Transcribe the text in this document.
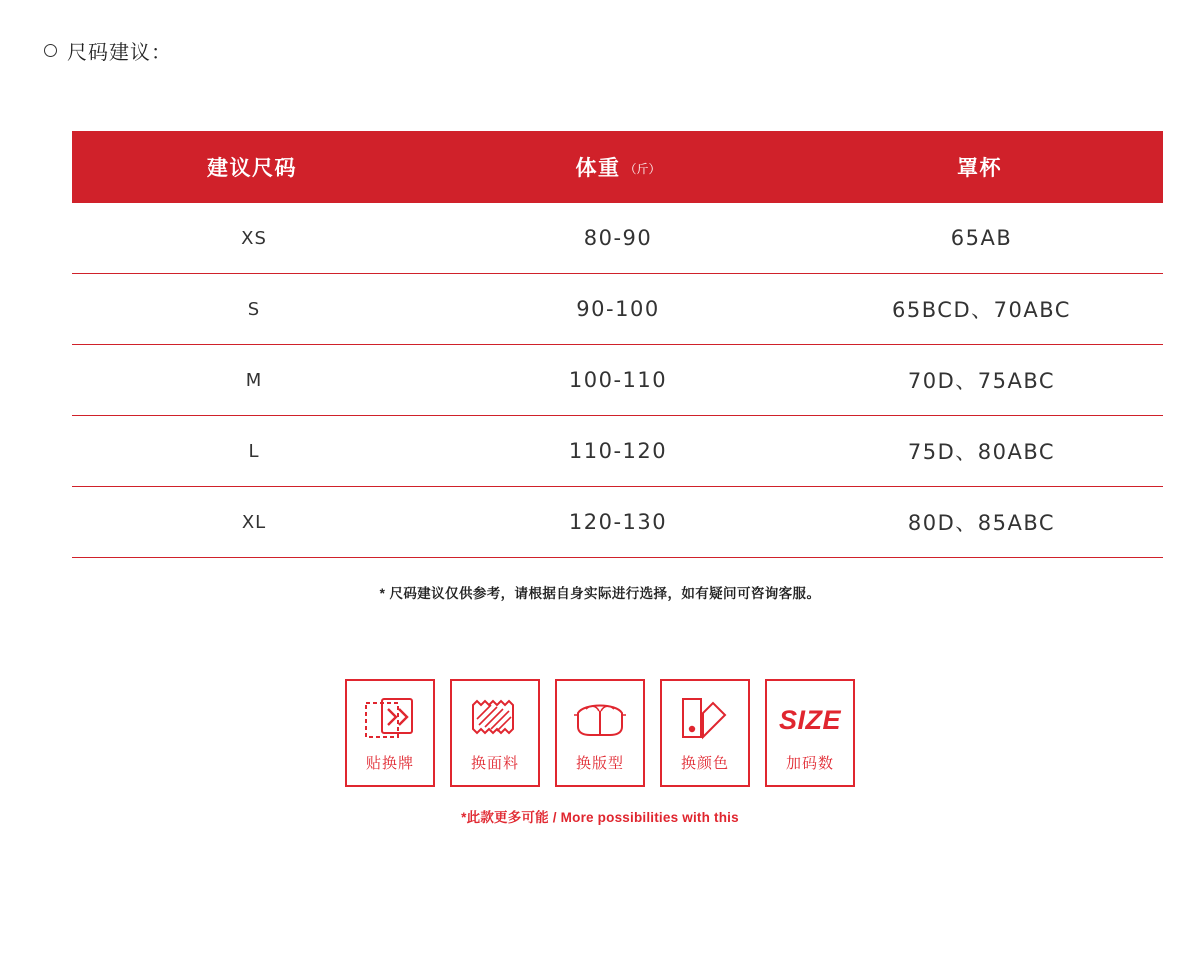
尺码建议：
建议尺码	体重 （斤）	罩杯
XS	80-90	65AB
S	90-100	65BCD、70ABC
M	100-110	70D、75ABC
L	110-120	75D、80ABC
XL	120-130	80D、85ABC
* 尺码建议仅供参考，请根据自身实际进行选择，如有疑问可咨询客服。
贴换牌	换面料	换版型	换颜色
SIZE
加码数
*此款更多可能 / More possibilities with this
